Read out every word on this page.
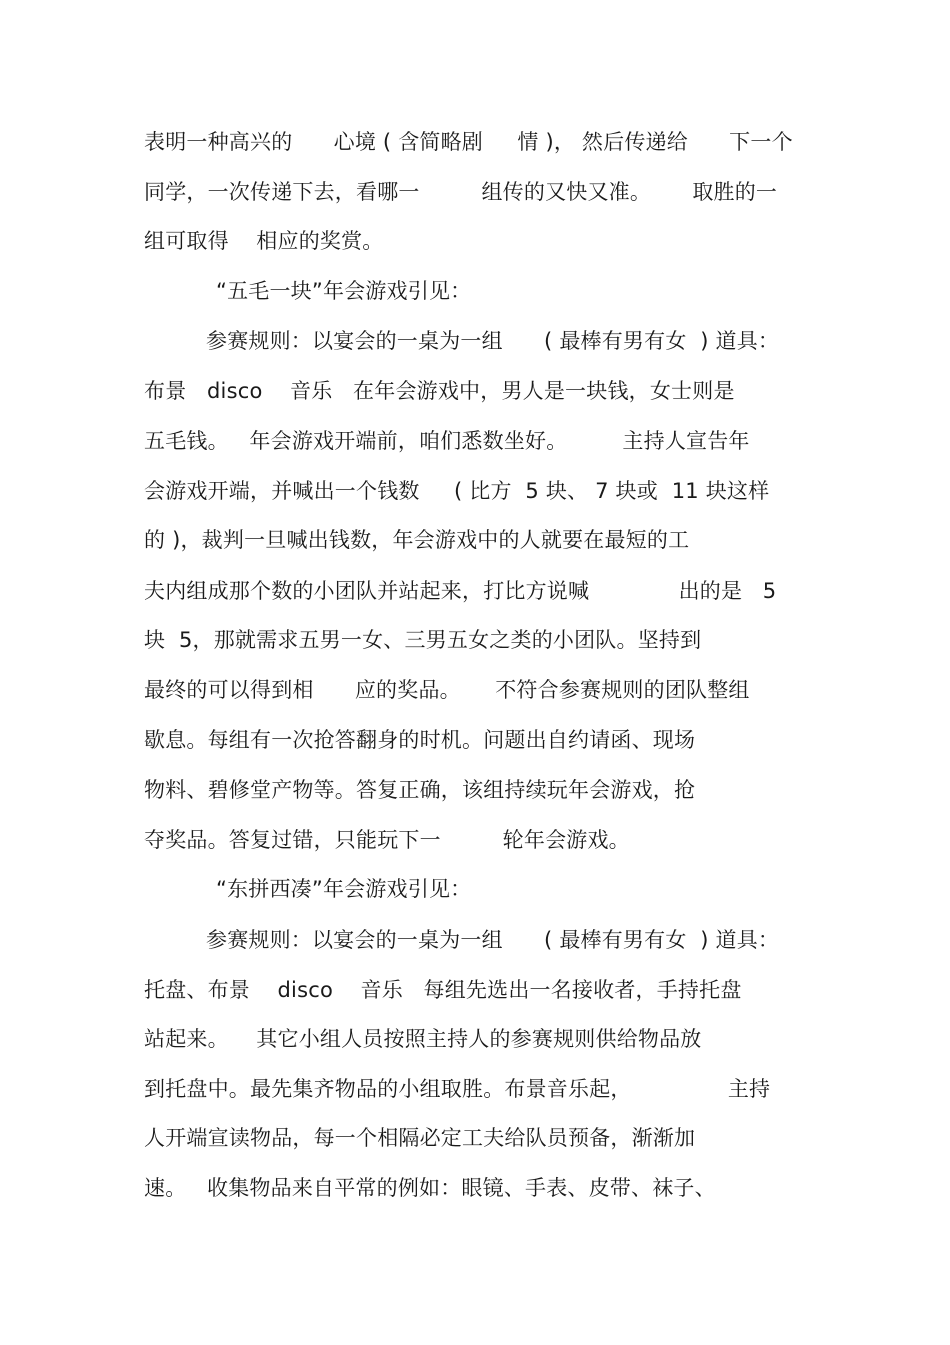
表明一种高兴的      心境 ( 含简略剧     情 )， 然后传递给      下一个
同学，一次传递下去，看哪一         组传的又快又准。      取胜的一
组可取得    相应的奖赏。
“五毛一块”年会游戏引见：
参赛规则：以宴会的一桌为一组      ( 最棒有男有女  ) 道具：
布景   disco    音乐   在年会游戏中，男人是一块钱，女士则是
五毛钱。   年会游戏开端前，咱们悉数坐好。        主持人宣告年
会游戏开端，并喊出一个钱数     ( 比方  5 块、 7 块或  11 块这样
的 )，裁判一旦喊出钱数，年会游戏中的人就要在最短的工
夫内组成那个数的小团队并站起来，打比方说喊             出的是   5
块  5，那就需求五男一女、三男五女之类的小团队。坚持到
最终的可以得到相      应的奖品。     不符合参赛规则的团队整组
歇息。每组有一次抢答翻身的时机。问题出自约请函、现场
物料、碧修堂产物等。答复正确，该组持续玩年会游戏，抢
夺奖品。答复过错，只能玩下一         轮年会游戏。
“东拼西凑”年会游戏引见：
参赛规则：以宴会的一桌为一组      ( 最棒有男有女  ) 道具：
托盘、布景    disco    音乐   每组先选出一名接收者，手持托盘
站起来。    其它小组人员按照主持人的参赛规则供给物品放
到托盘中。最先集齐物品的小组取胜。布景音乐起，              主持
人开端宣读物品，每一个相隔必定工夫给队员预备，渐渐加
速。   收集物品来自平常的例如：眼镜、手表、皮带、袜子、
